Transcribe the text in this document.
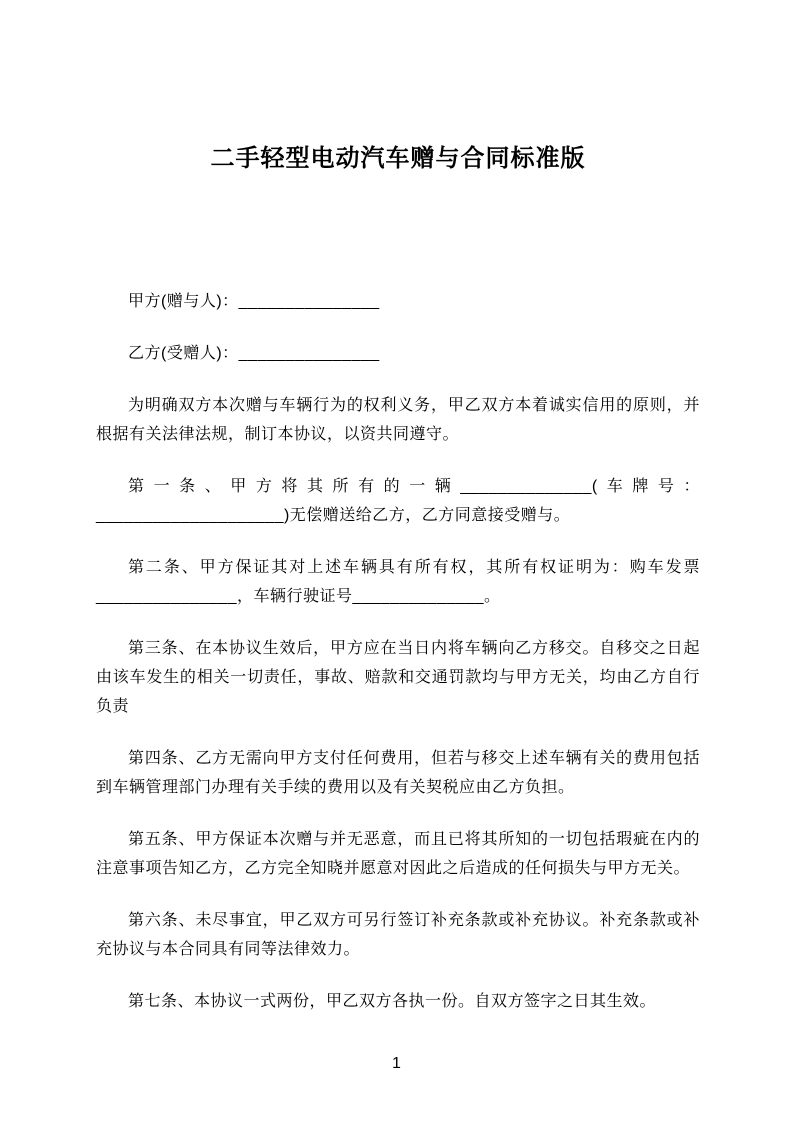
二手轻型电动汽车赠与合同标准版

甲方(赠与人)：_______________

乙方(受赠人)：_______________

为明确双方本次赠与车辆行为的权利义务，甲乙双方本着诚实信用的原则，并根据有关法律法规，制订本协议，以资共同遵守。

第一条、甲方将其所有的一辆______________(车牌号：____________________)无偿赠送给乙方，乙方同意接受赠与。

第二条、甲方保证其对上述车辆具有所有权，其所有权证明为：购车发票_______________，车辆行驶证号______________。

第三条、在本协议生效后，甲方应在当日内将车辆向乙方移交。自移交之日起由该车发生的相关一切责任，事故、赔款和交通罚款均与甲方无关，均由乙方自行负责

第四条、乙方无需向甲方支付任何费用，但若与移交上述车辆有关的费用包括到车辆管理部门办理有关手续的费用以及有关契税应由乙方负担。

第五条、甲方保证本次赠与并无恶意，而且已将其所知的一切包括瑕疵在内的注意事项告知乙方，乙方完全知晓并愿意对因此之后造成的任何损失与甲方无关。

第六条、未尽事宜，甲乙双方可另行签订补充条款或补充协议。补充条款或补充协议与本合同具有同等法律效力。

第七条、本协议一式两份，甲乙双方各执一份。自双方签字之日其生效。

1
